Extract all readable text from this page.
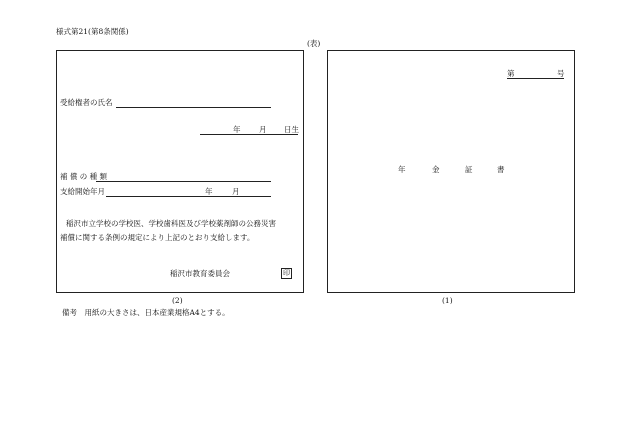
様式第21(第8条関係)
(表)
受給権者の氏名
年 月 日生
補 償 の 種 類
支給開始年月	年	月
稲沢市立学校の学校医、学校歯科医及び学校薬剤師の公務災害
補償に関する条例の規定により上記のとおり支給します。
稲沢市教育委員会	印
(2)
第	号
年	金	証	書
(1)
備考　用紙の大きさは、日本産業規格A4とする。
